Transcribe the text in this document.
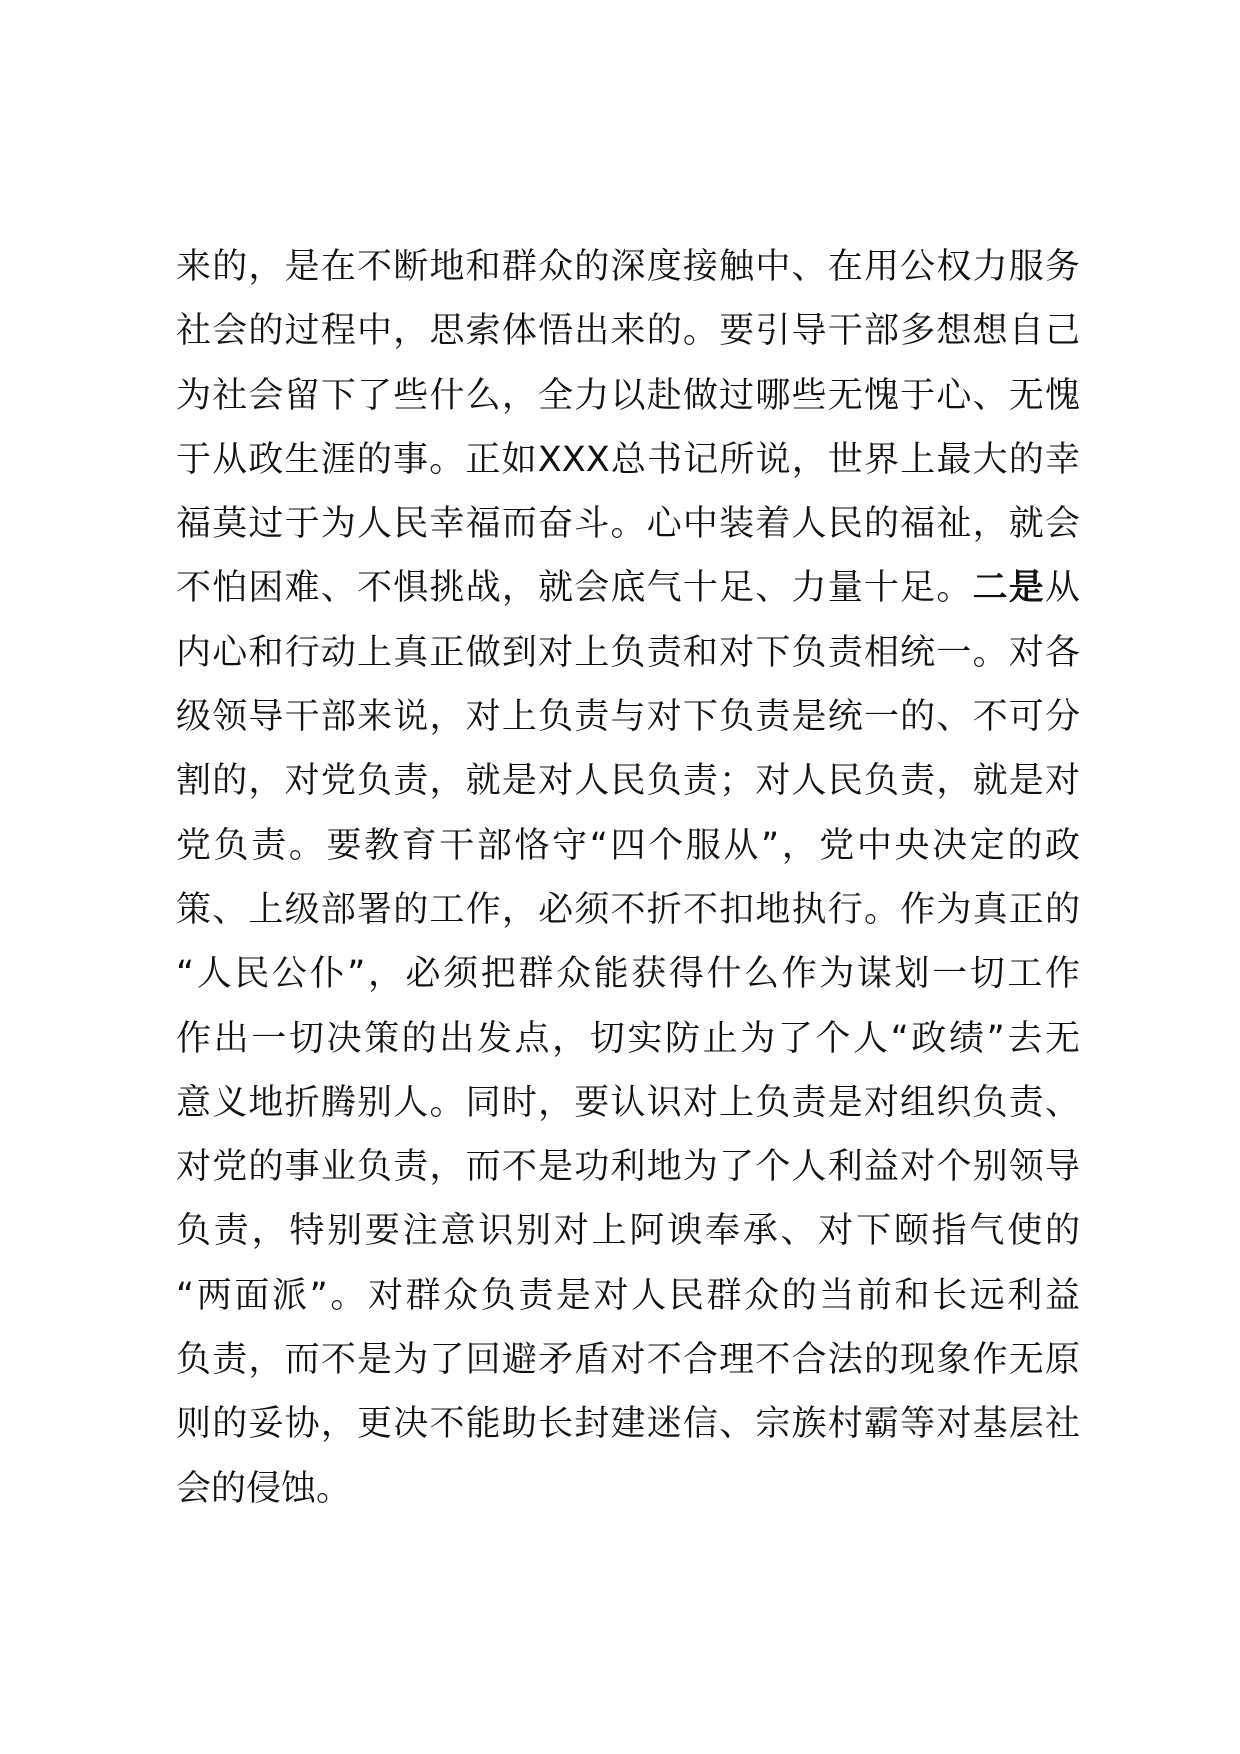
来的，是在不断地和群众的深度接触中、在用公权力服务
社会的过程中，思索体悟出来的。要引导干部多想想自己
为社会留下了些什么，全力以赴做过哪些无愧于心、无愧
于从政生涯的事。正如XXX总书记所说，世界上最大的幸
福莫过于为人民幸福而奋斗。心中装着人民的福祉，就会
不怕困难、不惧挑战，就会底气十足、力量十足。二是从
内心和行动上真正做到对上负责和对下负责相统一。对各
级领导干部来说，对上负责与对下负责是统一的、不可分
割的，对党负责，就是对人民负责；对人民负责，就是对
党负责。要教育干部恪守“四个服从”，党中央决定的政
策、上级部署的工作，必须不折不扣地执行。作为真正的
“人民公仆”，必须把群众能获得什么作为谋划一切工作
作出一切决策的出发点，切实防止为了个人“政绩”去无
意义地折腾别人。同时，要认识对上负责是对组织负责、
对党的事业负责，而不是功利地为了个人利益对个别领导
负责，特别要注意识别对上阿谀奉承、对下颐指气使的
“两面派”。对群众负责是对人民群众的当前和长远利益
负责，而不是为了回避矛盾对不合理不合法的现象作无原
则的妥协，更决不能助长封建迷信、宗族村霸等对基层社
会的侵蚀。
